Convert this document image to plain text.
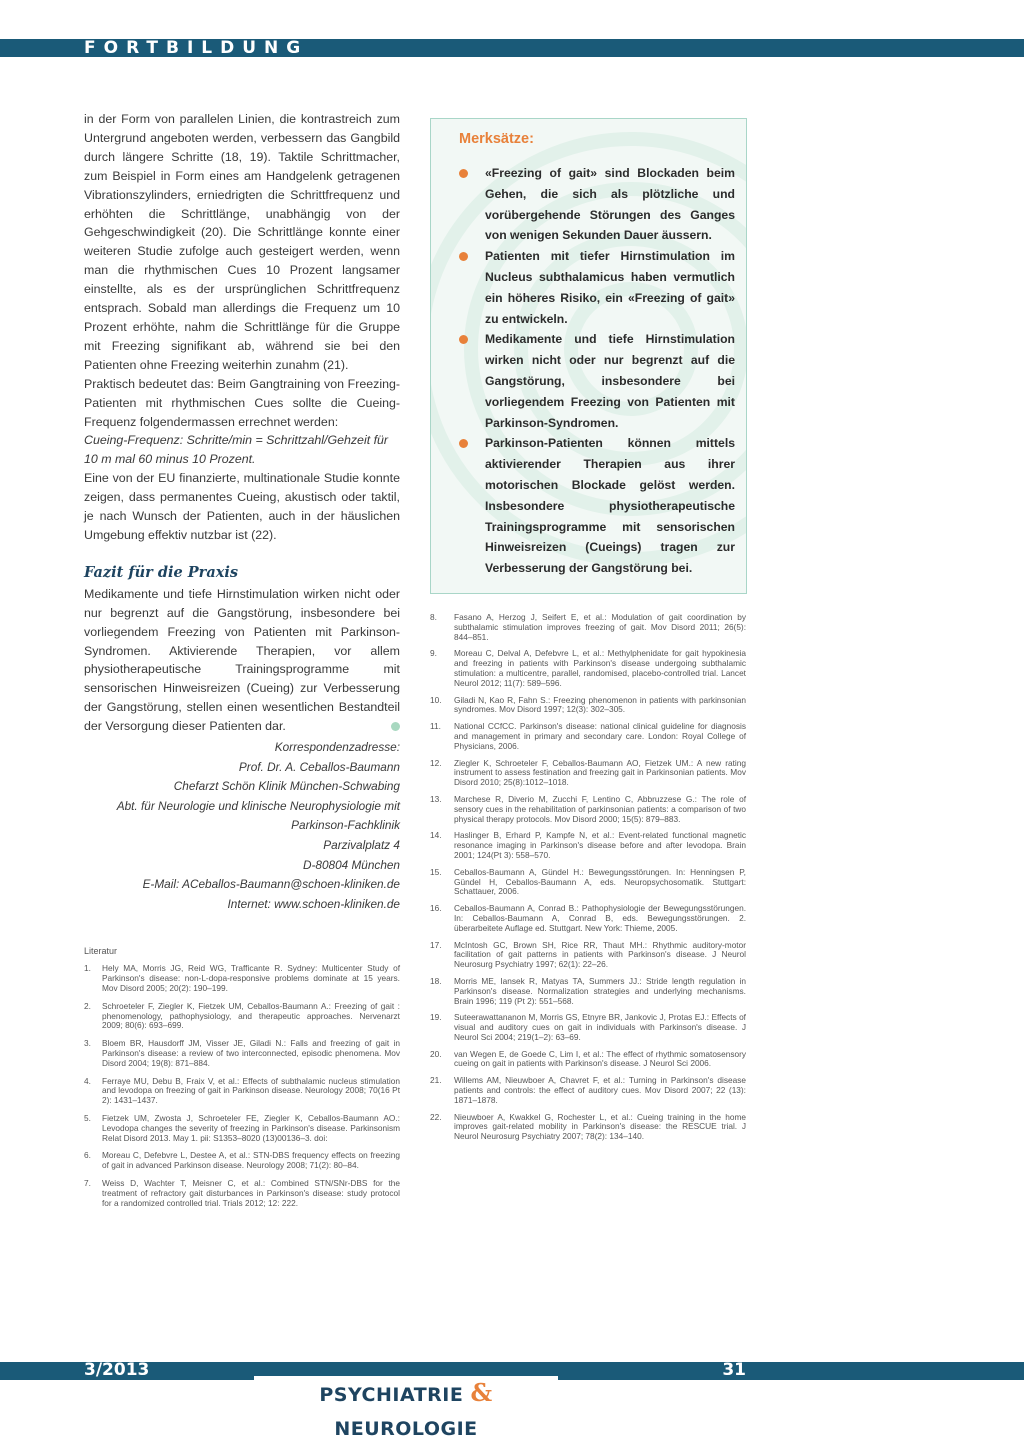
FORTBILDUNG

in der Form von parallelen Linien, die kontrastreich zum Untergrund angeboten werden, verbessern das Gangbild durch längere Schritte (18, 19). Taktile Schrittmacher, zum Beispiel in Form eines am Handgelenk getragenen Vibrationszylinders, erniedrigten die Schrittfrequenz und erhöhten die Schrittlänge, unabhängig von der Gehgeschwindigkeit (20). Die Schrittlänge konnte einer weiteren Studie zufolge auch gesteigert werden, wenn man die rhythmischen Cues 10 Prozent langsamer einstellte, als es der ursprünglichen Schrittfrequenz entsprach. Sobald man allerdings die Frequenz um 10 Prozent erhöhte, nahm die Schrittlänge für die Gruppe mit Freezing signifikant ab, während sie bei den Patienten ohne Freezing weiterhin zunahm (21).

Praktisch bedeutet das: Beim Gangtraining von Freezing-Patienten mit rhythmischen Cues sollte die Cueing-Frequenz folgendermassen errechnet werden:

Cueing-Frequenz: Schritte/min = Schrittzahl/Gehzeit für 10 m mal 60 minus 10 Prozent.

Eine von der EU finanzierte, multinationale Studie konnte zeigen, dass permanentes Cueing, akustisch oder taktil, je nach Wunsch der Patienten, auch in der häuslichen Umgebung effektiv nutzbar ist (22).

Fazit für die Praxis

Medikamente und tiefe Hirnstimulation wirken nicht oder nur begrenzt auf die Gangstörung, insbesondere bei vorliegendem Freezing von Patienten mit Parkinson-Syndromen. Aktivierende Therapien, vor allem physiotherapeutische Trainingsprogramme mit sensorischen Hinweisreizen (Cueing) zur Verbesserung der Gangstörung, stellen einen wesentlichen Bestandteil der Versorgung dieser Patienten dar.

Korrespondenzadresse:
Prof. Dr. A. Ceballos-Baumann
Chefarzt Schön Klinik München-Schwabing
Abt. für Neurologie und klinische Neurophysiologie mit
Parkinson-Fachklinik
Parzivalplatz 4
D-80804 München
E-Mail: ACeballos-Baumann@schoen-kliniken.de
Internet: www.schoen-kliniken.de
Literatur
1.	Hely MA, Morris JG, Reid WG, Trafficante R. Sydney: Multicenter Study of Parkinson's disease: non-L-dopa-responsive problems dominate at 15 years. Mov Disord 2005; 20(2): 190–199.
2.	Schroeteler F, Ziegler K, Fietzek UM, Ceballos-Baumann A.: Freezing of gait : phenomenology, pathophysiology, and therapeutic approaches. Nervenarzt 2009; 80(6): 693–699.
3.	Bloem BR, Hausdorff JM, Visser JE, Giladi N.: Falls and freezing of gait in Parkinson's disease: a review of two interconnected, episodic phenomena. Mov Disord 2004; 19(8): 871–884.
4.	Ferraye MU, Debu B, Fraix V, et al.: Effects of subthalamic nucleus stimulation and levodopa on freezing of gait in Parkinson disease. Neurology 2008; 70(16 Pt 2): 1431–1437.
5.	Fietzek UM, Zwosta J, Schroeteler FE, Ziegler K, Ceballos-Baumann AO.: Levodopa changes the severity of freezing in Parkinson's disease. Parkinsonism Relat Disord 2013. May 1. pii: S1353–8020 (13)00136–3. doi:
6.	Moreau C, Defebvre L, Destee A, et al.: STN-DBS frequency effects on freezing of gait in advanced Parkinson disease. Neurology 2008; 71(2): 80–84.
7.	Weiss D, Wachter T, Meisner C, et al.: Combined STN/SNr-DBS for the treatment of refractory gait disturbances in Parkinson's disease: study protocol for a randomized controlled trial. Trials 2012; 12: 222.
Merksätze:
«Freezing of gait» sind Blockaden beim Gehen, die sich als plötzliche und vorübergehende Störungen des Ganges von wenigen Sekunden Dauer äussern.
Patienten mit tiefer Hirnstimulation im Nucleus subthalamicus haben vermutlich ein höheres Risiko, ein «Freezing of gait» zu entwickeln.
Medikamente und tiefe Hirnstimulation wirken nicht oder nur begrenzt auf die Gangstörung, insbesondere bei vorliegendem Freezing von Patienten mit Parkinson-Syndromen.
Parkinson-Patienten können mittels aktivierender Therapien aus ihrer motorischen Blockade gelöst werden. Insbesondere physiotherapeutische Trainingsprogramme mit sensorischen Hinweisreizen (Cueings) tragen zur Verbesserung der Gangstörung bei.
8.	Fasano A, Herzog J, Seifert E, et al.: Modulation of gait coordination by subthalamic stimulation improves freezing of gait. Mov Disord 2011; 26(5): 844–851.
9.	Moreau C, Delval A, Defebvre L, et al.: Methylphenidate for gait hypokinesia and freezing in patients with Parkinson's disease undergoing subthalamic stimulation: a multicentre, parallel, randomised, placebo-controlled trial. Lancet Neurol 2012; 11(7): 589–596.
10.	Giladi N, Kao R, Fahn S.: Freezing phenomenon in patients with parkinsonian syndromes. Mov Disord 1997; 12(3): 302–305.
11.	National CCfCC. Parkinson's disease: national clinical guideline for diagnosis and management in primary and secondary care. London: Royal College of Physicians, 2006.
12.	Ziegler K, Schroeteler F, Ceballos-Baumann AO, Fietzek UM.: A new rating instrument to assess festination and freezing gait in Parkinsonian patients. Mov Disord 2010; 25(8):1012–1018.
13.	Marchese R, Diverio M, Zucchi F, Lentino C, Abbruzzese G.: The role of sensory cues in the rehabilitation of parkinsonian patients: a comparison of two physical therapy protocols. Mov Disord 2000; 15(5): 879–883.
14.	Haslinger B, Erhard P, Kampfe N, et al.: Event-related functional magnetic resonance imaging in Parkinson's disease before and after levodopa. Brain 2001; 124(Pt 3): 558–570.
15.	Ceballos-Baumann A, Gündel H.: Bewegungsstörungen. In: Henningsen P, Gündel H, Ceballos-Baumann A, eds. Neuropsychosomatik. Stuttgart: Schattauer, 2006.
16.	Ceballos-Baumann A, Conrad B.: Pathophysiologie der Bewegungsstörungen. In: Ceballos-Baumann A, Conrad B, eds. Bewegungsstörungen. 2. überarbeitete Auflage ed. Stuttgart. New York: Thieme, 2005.
17.	McIntosh GC, Brown SH, Rice RR, Thaut MH.: Rhythmic auditory-motor facilitation of gait patterns in patients with Parkinson's disease. J Neurol Neurosurg Psychiatry 1997; 62(1): 22–26.
18.	Morris ME, Iansek R, Matyas TA, Summers JJ.: Stride length regulation in Parkinson's disease. Normalization strategies and underlying mechanisms. Brain 1996; 119 (Pt 2): 551–568.
19.	Suteerawattananon M, Morris GS, Etnyre BR, Jankovic J, Protas EJ.: Effects of visual and auditory cues on gait in individuals with Parkinson's disease. J Neurol Sci 2004; 219(1–2): 63–69.
20.	van Wegen E, de Goede C, Lim I, et al.: The effect of rhythmic somatosensory cueing on gait in patients with Parkinson's disease. J Neurol Sci 2006.
21.	Willems AM, Nieuwboer A, Chavret F, et al.: Turning in Parkinson's disease patients and controls: the effect of auditory cues. Mov Disord 2007; 22 (13): 1871–1878.
22.	Nieuwboer A, Kwakkel G, Rochester L, et al.: Cueing training in the home improves gait-related mobility in Parkinson's disease: the RESCUE trial. J Neurol Neurosurg Psychiatry 2007; 78(2): 134–140.
3/2013	31
PSYCHIATRIE & NEUROLOGIE
